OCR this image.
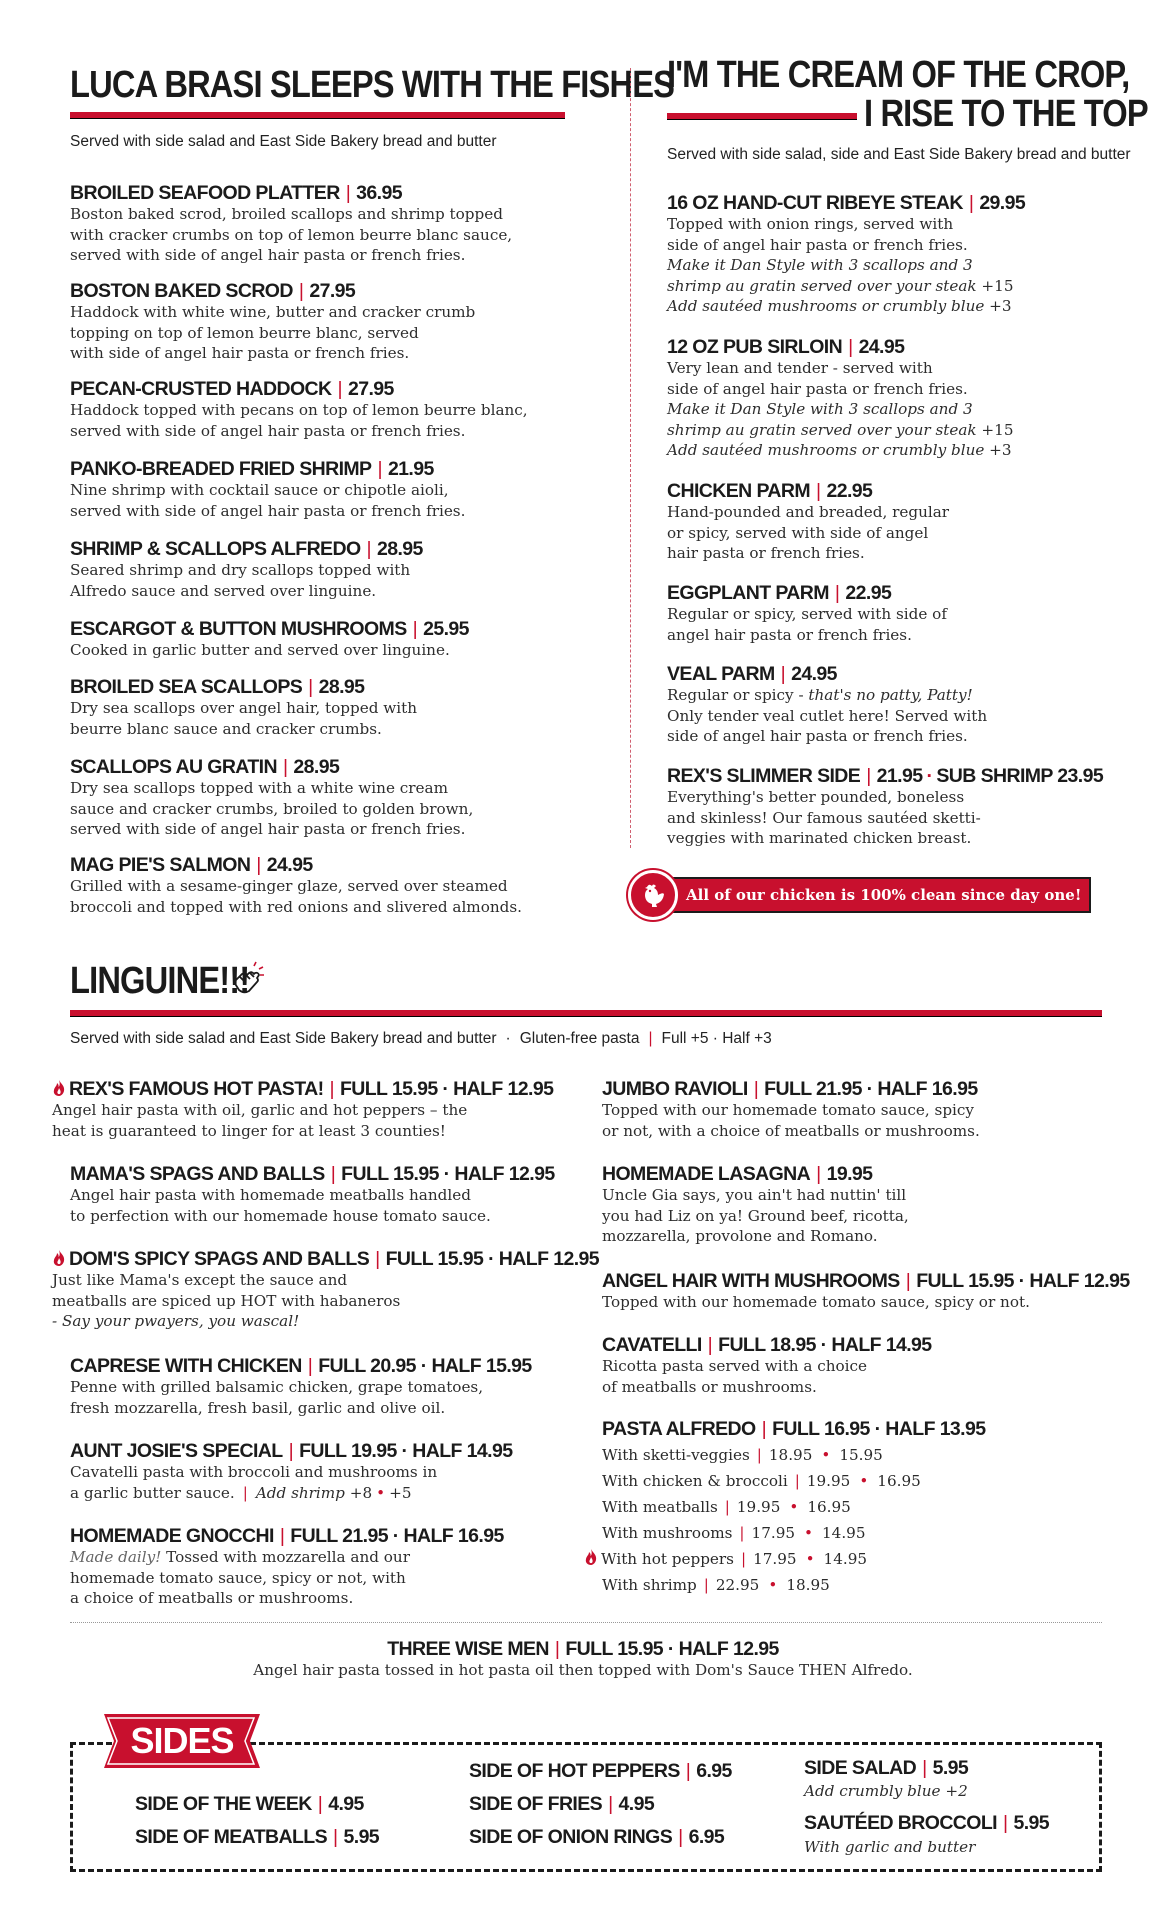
LUCA BRASI SLEEPS WITH THE FISHES
Served with side salad and East Side Bakery bread and butter
BROILED SEAFOOD PLATTER | 36.95
Boston baked scrod, broiled scallops and shrimp topped
with cracker crumbs on top of lemon beurre blanc sauce,
served with side of angel hair pasta or french fries.
BOSTON BAKED SCROD | 27.95
Haddock with white wine, butter and cracker crumb
topping on top of lemon beurre blanc, served
with side of angel hair pasta or french fries.
PECAN-CRUSTED HADDOCK | 27.95
Haddock topped with pecans on top of lemon beurre blanc,
served with side of angel hair pasta or french fries.
PANKO-BREADED FRIED SHRIMP | 21.95
Nine shrimp with cocktail sauce or chipotle aioli,
served with side of angel hair pasta or french fries.
SHRIMP & SCALLOPS ALFREDO | 28.95
Seared shrimp and dry scallops topped with
Alfredo sauce and served over linguine.
ESCARGOT & BUTTON MUSHROOMS | 25.95
Cooked in garlic butter and served over linguine.
BROILED SEA SCALLOPS | 28.95
Dry sea scallops over angel hair, topped with
beurre blanc sauce and cracker crumbs.
SCALLOPS AU GRATIN | 28.95
Dry sea scallops topped with a white wine cream
sauce and cracker crumbs, broiled to golden brown,
served with side of angel hair pasta or french fries.
MAG PIE'S SALMON | 24.95
Grilled with a sesame-ginger glaze, served over steamed
broccoli and topped with red onions and slivered almonds.
I'M THE CREAM OF THE CROP,
I RISE TO THE TOP
Served with side salad, side and East Side Bakery bread and butter
16 OZ HAND-CUT RIBEYE STEAK | 29.95
Topped with onion rings, served with
side of angel hair pasta or french fries.
Make it Dan Style with 3 scallops and 3
shrimp au gratin served over your steak +15
Add sautéed mushrooms or crumbly blue +3
12 OZ PUB SIRLOIN | 24.95
Very lean and tender - served with
side of angel hair pasta or french fries.
Make it Dan Style with 3 scallops and 3
shrimp au gratin served over your steak +15
Add sautéed mushrooms or crumbly blue +3
CHICKEN PARM | 22.95
Hand-pounded and breaded, regular
or spicy, served with side of angel
hair pasta or french fries.
EGGPLANT PARM | 22.95
Regular or spicy, served with side of
angel hair pasta or french fries.
VEAL PARM | 24.95
Regular or spicy - that's no patty, Patty!
Only tender veal cutlet here! Served with
side of angel hair pasta or french fries.
REX'S SLIMMER SIDE | 21.95 · SUB SHRIMP 23.95
Everything's better pounded, boneless
and skinless! Our famous sautéed sketti-
veggies with marinated chicken breast.
All of our chicken is 100% clean since day one!
LINGUINE!!!
Served with side salad and East Side Bakery bread and butter · Gluten-free pasta | Full +5 · Half +3
REX'S FAMOUS HOT PASTA! | FULL 15.95 · HALF 12.95
Angel hair pasta with oil, garlic and hot peppers – the
heat is guaranteed to linger for at least 3 counties!
MAMA'S SPAGS AND BALLS | FULL 15.95 · HALF 12.95
Angel hair pasta with homemade meatballs handled
to perfection with our homemade house tomato sauce.
DOM'S SPICY SPAGS AND BALLS | FULL 15.95 · HALF 12.95
Just like Mama's except the sauce and
meatballs are spiced up HOT with habaneros
- Say your pwayers, you wascal!
CAPRESE WITH CHICKEN | FULL 20.95 · HALF 15.95
Penne with grilled balsamic chicken, grape tomatoes,
fresh mozzarella, fresh basil, garlic and olive oil.
AUNT JOSIE'S SPECIAL | FULL 19.95 · HALF 14.95
Cavatelli pasta with broccoli and mushrooms in
a garlic butter sauce. | Add shrimp +8 • +5
HOMEMADE GNOCCHI | FULL 21.95 · HALF 16.95
Made daily! Tossed with mozzarella and our
homemade tomato sauce, spicy or not, with
a choice of meatballs or mushrooms.
JUMBO RAVIOLI | FULL 21.95 · HALF 16.95
Topped with our homemade tomato sauce, spicy
or not, with a choice of meatballs or mushrooms.
HOMEMADE LASAGNA | 19.95
Uncle Gia says, you ain't had nuttin' till
you had Liz on ya! Ground beef, ricotta,
mozzarella, provolone and Romano.
ANGEL HAIR WITH MUSHROOMS | FULL 15.95 · HALF 12.95
Topped with our homemade tomato sauce, spicy or not.
CAVATELLI | FULL 18.95 · HALF 14.95
Ricotta pasta served with a choice
of meatballs or mushrooms.
PASTA ALFREDO | FULL 16.95 · HALF 13.95
With sketti-veggies | 18.95 • 15.95
With chicken & broccoli | 19.95 • 16.95
With meatballs | 19.95 • 16.95
With mushrooms | 17.95 • 14.95
With hot peppers | 17.95 • 14.95
With shrimp | 22.95 • 18.95
THREE WISE MEN | FULL 15.95 · HALF 12.95
Angel hair pasta tossed in hot pasta oil then topped with Dom's Sauce THEN Alfredo.
SIDES
SIDE OF THE WEEK | 4.95
SIDE OF MEATBALLS | 5.95
SIDE OF HOT PEPPERS | 6.95
SIDE OF FRIES | 4.95
SIDE OF ONION RINGS | 6.95
SIDE SALAD | 5.95
Add crumbly blue +2
SAUTÉED BROCCOLI | 5.95
With garlic and butter
